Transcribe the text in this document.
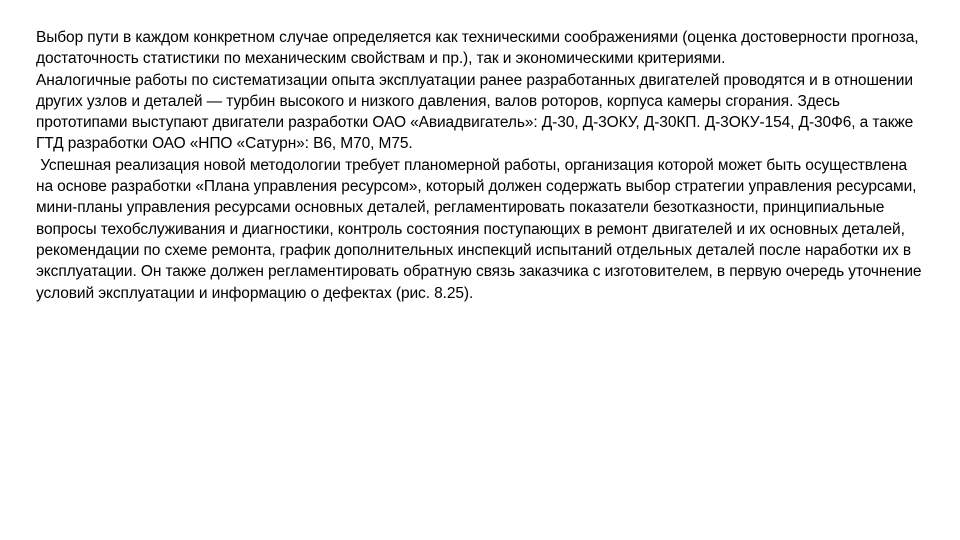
Выбор пути в каждом конкретном случае определяется как техническими соображениями (оценка достоверности прогноза, достаточность статистики по механическим свойствам и пр.), так и экономическими критериями.

Аналогичные работы по систематизации опыта эксплуатации ранее разработанных двигателей проводятся и в отношении других узлов и деталей — турбин высокого и низкого давления, валов роторов, корпуса камеры сгорания. Здесь прототипами выступают двигатели разработки ОАО «Авиадвигатель»: Д-30, Д-3ОКУ, Д-30КП. Д-3ОКУ-154, Д-30Ф6, а также ГТД разработки ОАО «НПО «Сатурн»: В6, М70, М75.

Успешная реализация новой методологии требует планомерной работы, организация которой может быть осуществлена на основе разработки «Плана управления ресурсом», который должен содержать выбор стратегии управления ресурсами, мини-планы управления ресурсами основных деталей, регламентировать показатели безотказности, принципиальные вопросы техобслуживания и диагностики, контроль состояния поступающих в ремонт двигателей и их основных деталей, рекомендации по схеме ремонта, график дополнительных инспекций испытаний отдельных деталей после наработки их в эксплуатации. Он также должен регламентировать обратную связь заказчика с изготовителем, в первую очередь уточнение условий эксплуатации и информацию о дефектах (рис. 8.25).
